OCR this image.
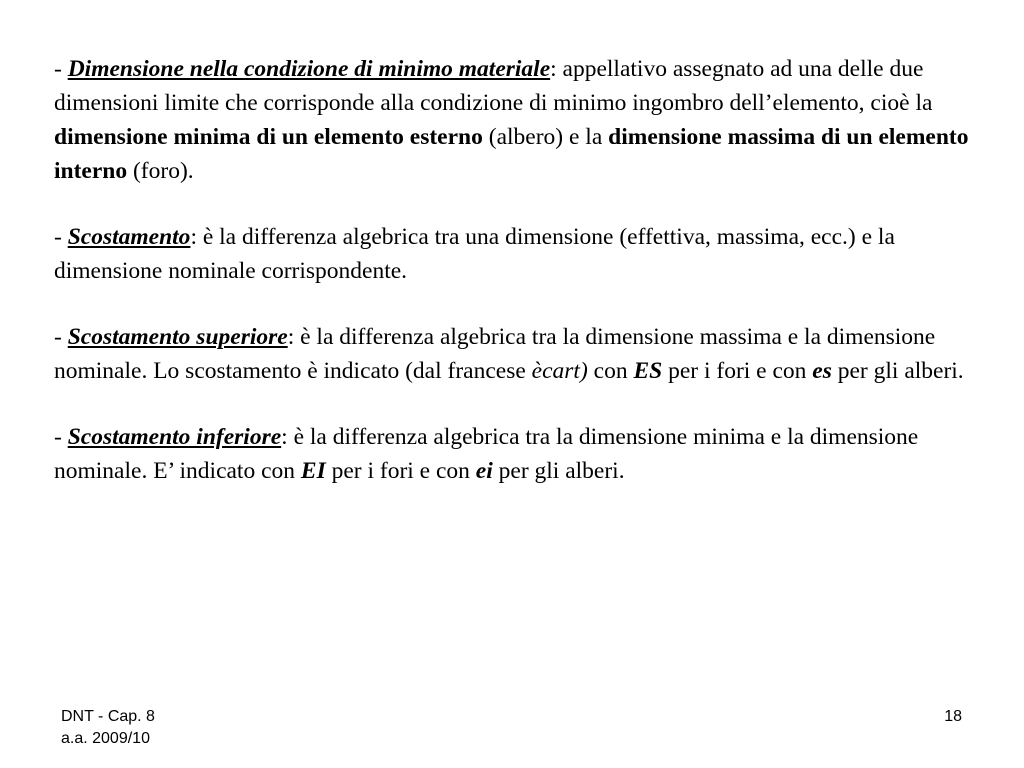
- Dimensione nella condizione di minimo materiale: appellativo assegnato ad una delle due dimensioni limite che corrisponde alla condizione di minimo ingombro dell’elemento, cioè la dimensione minima di un elemento esterno (albero) e la dimensione massima di un elemento interno (foro).

- Scostamento: è la differenza algebrica tra una dimensione (effettiva, massima, ecc.) e la dimensione nominale corrispondente.

- Scostamento superiore: è la differenza algebrica tra la dimensione massima e la dimensione nominale. Lo scostamento è indicato (dal francese ècart) con ES per i fori e con es per gli alberi.

- Scostamento inferiore: è la differenza algebrica tra la dimensione minima e la dimensione nominale. E’ indicato con EI per i fori e con ei per gli alberi.

DNT - Cap. 8
a.a. 2009/10
18
